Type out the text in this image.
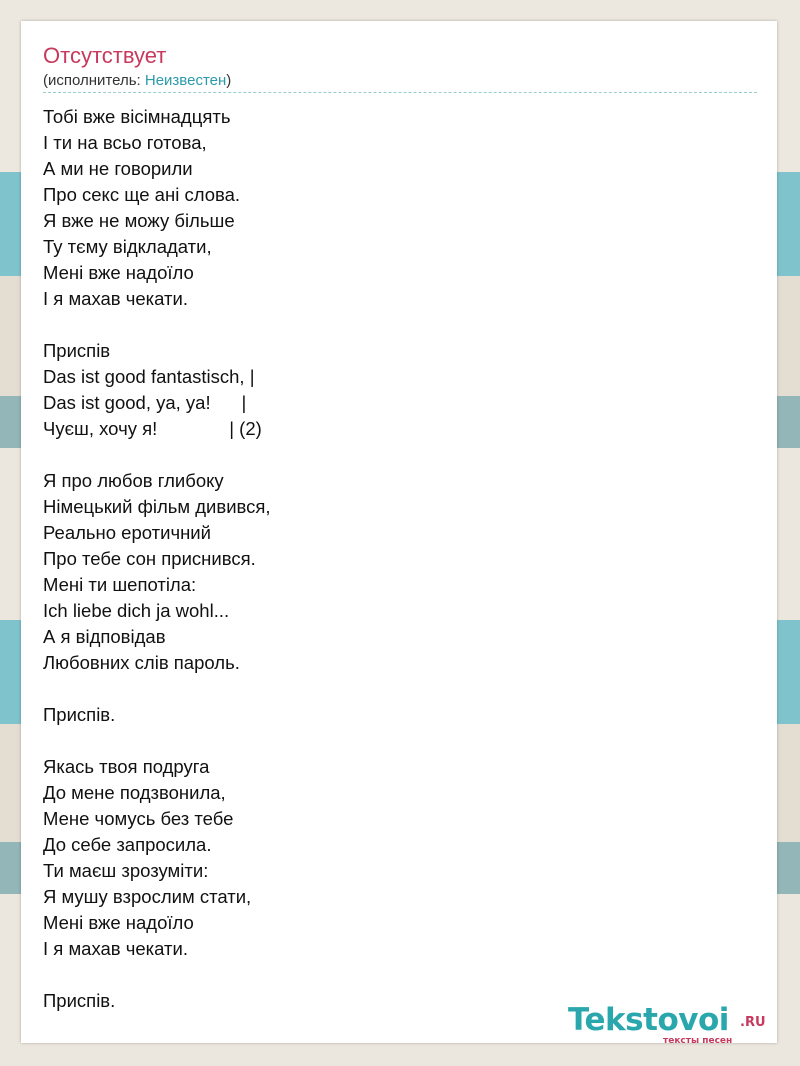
Отсутствует
(исполнитель: Неизвестен)
Тобі вже вісімнадцять
І ти на всьо готова,
А ми не говорили
Про секс ще ані слова.
Я вже не можу більше
Ту тєму відкладати,
Мені вже надоїло
І я махав чекати.

Приспів
Das ist good fantastisch, |
Das ist good, ya, ya!      |
Чуєш, хочу я!              | (2)

Я про любов глибоку
Німецький фільм дивився,
Реально еротичний
Про тебе сон приснився.
Мені ти шепотіла:
Ich liebe dich ja wohl...
А я відповідав
Любовних слів пароль.

Приспів.

Якась твоя подруга
До мене подзвонила,
Мене чомусь без тебе
До себе запросила.
Ти маєш зрозуміти:
Я мушу взрослим стати,
Мені вже надоїло
І я махав чекати.

Приспів.
Tekstovoi .RU
тексты песен
